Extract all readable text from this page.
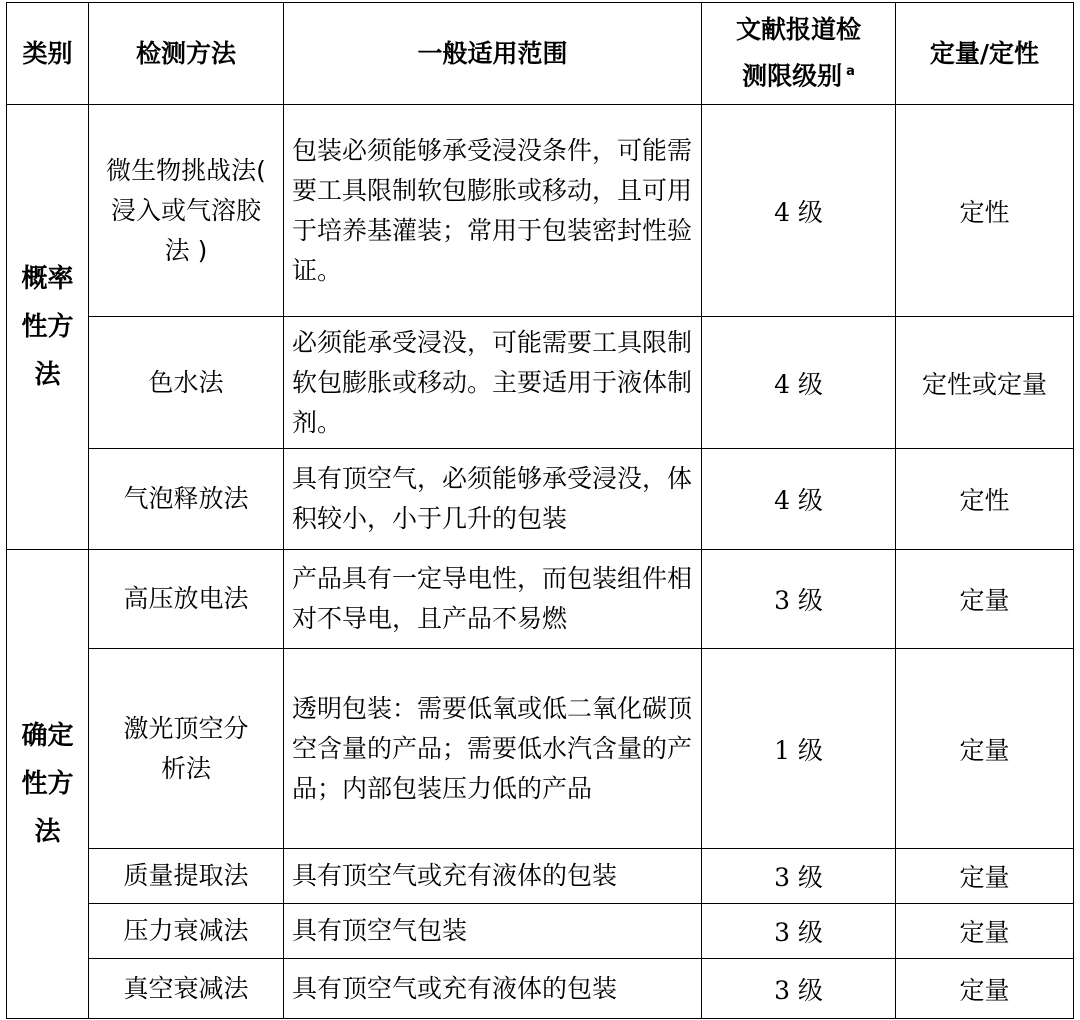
类别	检测方法	一般适用范围	文献报道检测限级别 $^a$	定量/定性
概率性方法	微生物挑战法( 浸入或气溶胶法 )	包装必须能够承受浸没条件，可能需要工具限制软包膨胀或移动，且可用于培养基灌装；常用于包装密封性验证。	4 级	定性
	色水法	必须能承受浸没，可能需要工具限制软包膨胀或移动。主要适用于液体制剂。	4 级	定性或定量
	气泡释放法	具有顶空气，必须能够承受浸没，体积较小，小于几升的包装	4 级	定性
确定性方法	高压放电法	产品具有一定导电性，而包装组件相对不导电，且产品不易燃	3 级	定量
	激光顶空分析法	透明包装：需要低氧或低二氧化碳顶空含量的产品；需要低水汽含量的产品；内部包装压力低的产品	1 级	定量
	质量提取法	具有顶空气或充有液体的包装	3 级	定量
	压力衰减法	具有顶空气包装	3 级	定量
	真空衰减法	具有顶空气或充有液体的包装	3 级	定量
